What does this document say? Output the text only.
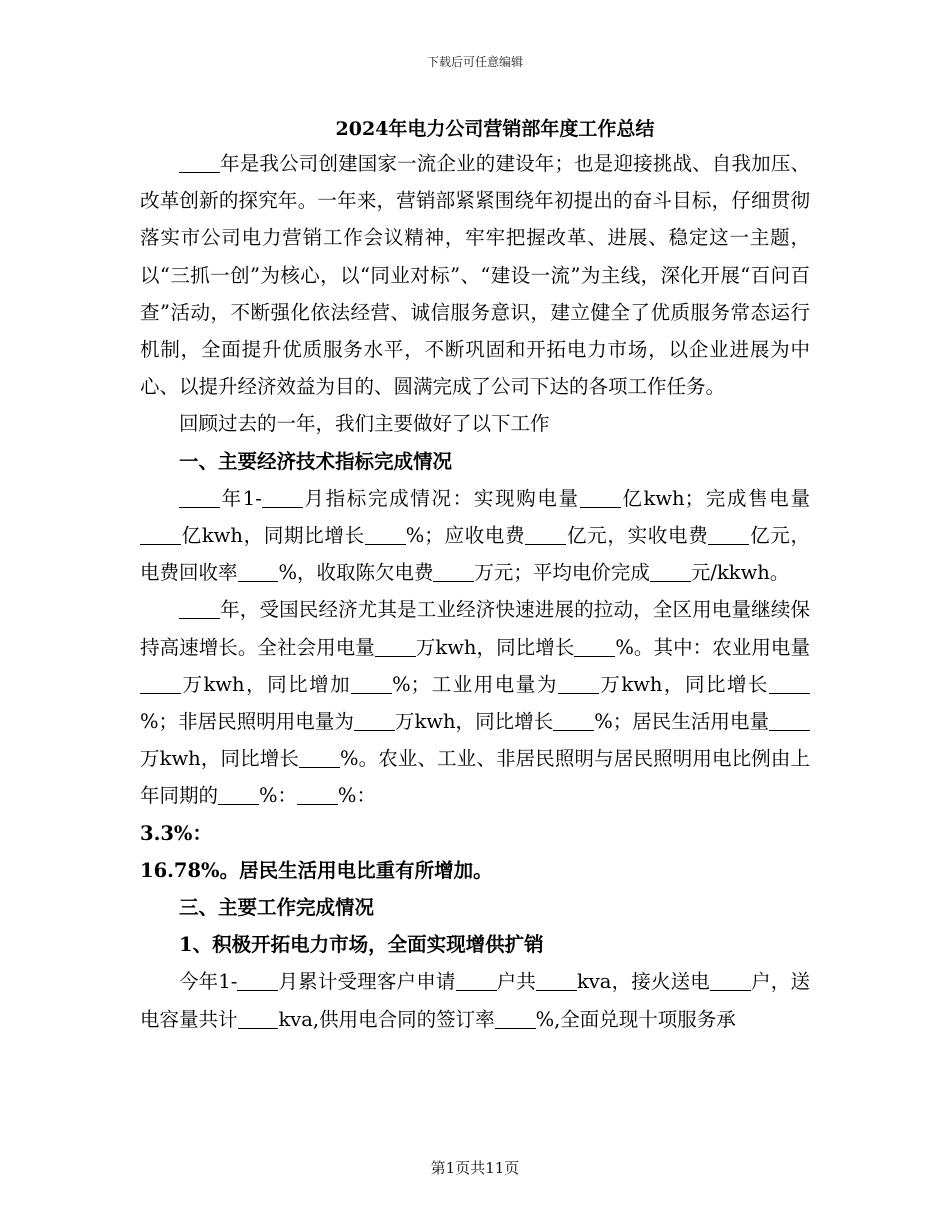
下载后可任意编辑
2024年电力公司营销部年度工作总结

年是我公司创建国家一流企业的建设年；也是迎接挑战、自我加压、改革创新的探究年。一年来，营销部紧紧围绕年初提出的奋斗目标，仔细贯彻落实市公司电力营销工作会议精神，牢牢把握改革、进展、稳定这一主题，以“三抓一创”为核心，以“同业对标”、“建设一流”为主线，深化开展“百问百查”活动，不断强化依法经营、诚信服务意识，建立健全了优质服务常态运行机制，全面提升优质服务水平，不断巩固和开拓电力市场，以企业进展为中心、以提升经济效益为目的、圆满完成了公司下达的各项工作任务。

回顾过去的一年，我们主要做好了以下工作

一、主要经济技术指标完成情况

年1- 月指标完成情况：实现购电量 亿kwh；完成售电量亿kwh，同期比增长 %；应收电费 亿元，实收电费 亿元，电费回收率 %，收取陈欠电费 万元；平均电价完成 元/kkwh。

年，受国民经济尤其是工业经济快速进展的拉动，全区用电量继续保持高速增长。全社会用电量 万kwh，同比增长 %。其中：农业用电量万kwh，同比增加 %；工业用电量为 万kwh，同比增长%；非居民照明用电量为 万kwh，同比增长 %；居民生活用电量万kwh，同比增长 %。农业、工业、非居民照明与居民照明用电比例由上年同期的 %： %：

3.3%：

16.78%。居民生活用电比重有所增加。

三、主要工作完成情况

1、积极开拓电力市场，全面实现增供扩销

今年1- 月累计受理客户申请 户共 kva，接火送电 户，送电容量共计 kva,供用电合同的签订率 %,全面兑现十项服务承

第1页共11页
